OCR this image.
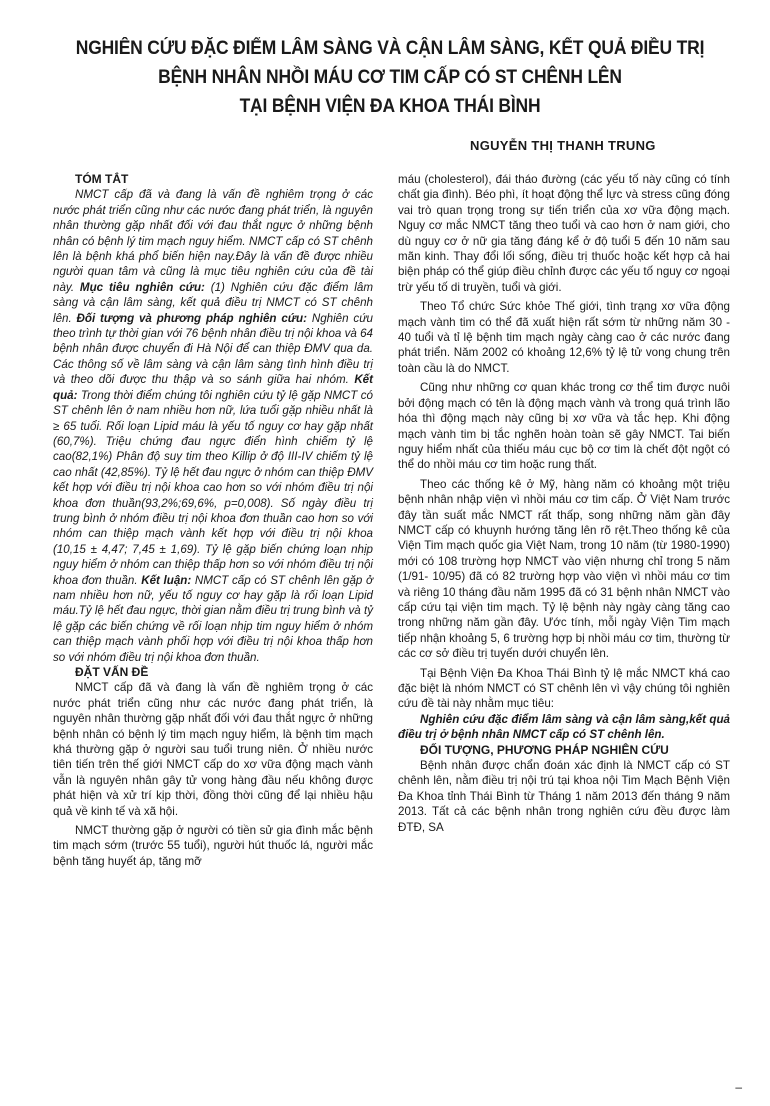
NGHIÊN CỨU ĐẶC ĐIỂM LÂM SÀNG VÀ CẬN LÂM SÀNG, KẾT QUẢ ĐIỀU TRỊ
BỆNH NHÂN NHỒI MÁU CƠ TIM CẤP CÓ ST CHÊNH LÊN
TẠI BỆNH VIỆN ĐA KHOA THÁI BÌNH
NGUYỄN THỊ THANH TRUNG

TÓM TẮT

NMCT cấp đã và đang là vấn đề nghiêm trọng ở các nước phát triển cũng như các nước đang phát triển, là nguyên nhân thường gặp nhất đối với đau thắt ngực ở những bệnh nhân có bệnh lý tim mạch nguy hiểm. NMCT cấp có ST chênh lên là bệnh khá phổ biến hiện nay.Đây là vấn đề được nhiều người quan tâm và cũng là mục tiêu nghiên cứu của đề tài này. Mục tiêu nghiên cứu: (1) Nghiên cứu đặc điểm lâm sàng và cận lâm sàng, kết quả điều trị NMCT có ST chênh lên. Đối tượng và phương pháp nghiên cứu: Nghiên cứu theo trình tự thời gian với 76 bệnh nhân điều trị nội khoa và 64 bệnh nhân được chuyển đi Hà Nội để can thiệp ĐMV qua da. Các thông số về lâm sàng và cận lâm sàng tình hình điều trị và theo dõi được thu thập và so sánh giữa hai nhóm. Kết quả: Trong thời điểm chúng tôi nghiên cứu tỷ lệ gặp NMCT có ST chênh lên ở nam nhiều hơn nữ, lứa tuổi gặp nhiều nhất là ≥ 65 tuổi. Rối loạn Lipid máu là yếu tố nguy cơ hay gặp nhất (60,7%). Triệu chứng đau ngực điển hình chiếm tỷ lệ cao(82,1%) Phân độ suy tim theo Killip ở độ III-IV chiếm tỷ lệ cao nhất (42,85%). Tỷ lệ hết đau ngực ở nhóm can thiệp ĐMV kết hợp với điều trị nội khoa cao hơn so với nhóm điều trị nội khoa đơn thuần(93,2%;69,6%, p=0,008). Số ngày điều trị trung bình ở nhóm điều trị nội khoa đơn thuần cao hơn so với nhóm can thiệp mạch vành kết hợp với điều trị nội khoa (10,15 ± 4,47; 7,45 ± 1,69). Tỷ lệ gặp biến chứng loạn nhịp nguy hiểm ở nhóm can thiệp thấp hơn so với nhóm điều trị nội khoa đơn thuần. Kết luận: NMCT cấp có ST chênh lên gặp ở nam nhiều hơn nữ, yếu tố nguy cơ hay gặp là rối loạn Lipid máu.Tỷ lệ hết đau ngực, thời gian nằm điều trị trung bình và tỷ lệ gặp các biến chứng về rối loạn nhịp tim nguy hiểm ở nhóm can thiệp mạch vành phối hợp với điều trị nội khoa thấp hơn so với nhóm điều trị nội khoa đơn thuần.

ĐẶT VẤN ĐỀ

NMCT cấp đã và đang là vấn đề nghiêm trọng ở các nước phát triển cũng như các nước đang phát triển, là nguyên nhân thường gặp nhất đối với đau thắt ngực ở những bệnh nhân có bệnh lý tim mạch nguy hiểm, là bệnh tim mạch khá thường gặp ở người sau tuổi trung niên. Ở nhiều nước tiên tiến trên thế giới NMCT cấp do xơ vữa động mạch vành vẫn là nguyên nhân gây tử vong hàng đầu nếu không được phát hiện và xử trí kịp thời, đồng thời cũng để lại nhiều hậu quả về kinh tế và xã hội.

NMCT thường gặp ở người có tiền sử gia đình mắc bệnh tim mạch sớm (trước 55 tuổi), người hút thuốc lá, người mắc bệnh tăng huyết áp, tăng mỡ

máu (cholesterol), đái tháo đường (các yếu tố này cũng có tính chất gia đình). Béo phì, ít hoạt động thể lực và stress cũng đóng vai trò quan trọng trong sự tiến triển của xơ vữa động mạch. Nguy cơ mắc NMCT tăng theo tuổi và cao hơn ở nam giới, cho dù nguy cơ ở nữ gia tăng đáng kể ở độ tuổi 5 đến 10 năm sau mãn kinh. Thay đổi lối sống, điều trị thuốc hoặc kết hợp cả hai biện pháp có thể giúp điều chỉnh được các yếu tố nguy cơ ngoại trừ yếu tố di truyền, tuổi và giới.

Theo Tổ chức Sức khỏe Thế giới, tình trạng xơ vữa động mạch vành tim có thể đã xuất hiện rất sớm từ những năm 30 - 40 tuổi và tỉ lệ bệnh tim mạch ngày càng cao ở các nước đang phát triển. Năm 2002 có khoảng 12,6% tỷ lệ tử vong chung trên toàn cầu là do NMCT.

Cũng như những cơ quan khác trong cơ thể tim được nuôi bởi động mạch có tên là động mạch vành và trong quá trình lão hóa thì động mạch này cũng bị xơ vữa và tắc hẹp. Khi động mạch vành tim bị tắc nghẽn hoàn toàn sẽ gây NMCT. Tai biến nguy hiểm nhất của thiếu máu cục bộ cơ tim là chết đột ngột có thể do nhồi máu cơ tim hoặc rung thất.

Theo các thống kê ở Mỹ, hàng năm có khoảng một triệu bệnh nhân nhập viện vì nhồi máu cơ tim cấp. Ở Việt Nam trước đây tần suất mắc NMCT rất thấp, song những năm gần đây NMCT cấp có khuynh hướng tăng lên rõ rệt.Theo thống kê của Viện Tim mạch quốc gia Việt Nam, trong 10 năm (từ 1980-1990) mới có 108 trường hợp NMCT vào viện nhưng chỉ trong 5 năm (1/91- 10/95) đã có 82 trường hợp vào viện vì nhồi máu cơ tim và riêng 10 tháng đầu năm 1995 đã có 31 bệnh nhân NMCT vào cấp cứu tại viện tim mạch. Tỷ lệ bệnh này ngày càng tăng cao trong những năm gần đây. Ước tính, mỗi ngày Viện Tim mạch tiếp nhận khoảng 5, 6 trường hợp bị nhồi máu cơ tim, thường từ các cơ sở điều trị tuyến dưới chuyển lên.

Tại Bệnh Viện Đa Khoa Thái Bình tỷ lệ mắc NMCT khá cao đặc biệt là nhóm NMCT có ST chênh lên vì vậy chúng tôi nghiên cứu đề tài này nhằm mục tiêu:

Nghiên cứu đặc điểm lâm sàng và cận lâm sàng,kết quả điều trị ở bệnh nhân NMCT cấp có ST chênh lên.

ĐỐI TƯỢNG, PHƯƠNG PHÁP NGHIÊN CỨU

Bệnh nhân được chẩn đoán xác định là NMCT cấp có ST chênh lên, nằm điều trị nội trú tại khoa nội Tim Mạch Bệnh Viện Đa Khoa tỉnh Thái Bình từ Tháng 1 năm 2013 đến tháng 9 năm 2013. Tất cả các bệnh nhân trong nghiên cứu đều được làm ĐTĐ, SA

–
